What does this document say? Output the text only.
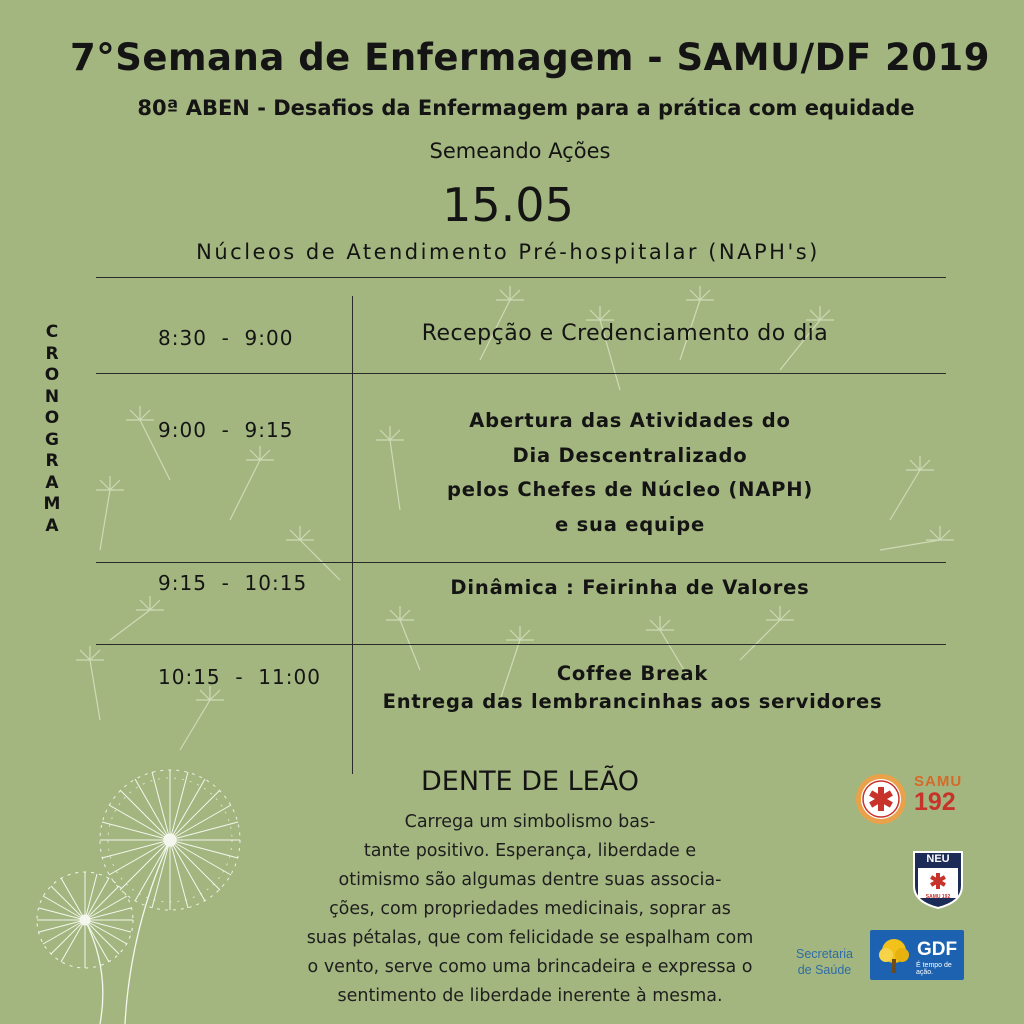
7°Semana de Enfermagem - SAMU/DF 2019
80ª ABEN - Desafios da Enfermagem para a prática com equidade
Semeando Ações
15.05
Núcleos de Atendimento Pré-hospitalar (NAPH's)
C
R
O
N
O
G
R
A
M
A
8:30  -  9:00	Recepção e Credenciamento do dia

9:00  -  9:15	Abertura das Atividades do

Dia Descentralizado

pelos Chefes de Núcleo (NAPH)

e sua equipe

9:15  -  10:15	Dinâmica : Feirinha de Valores

10:15  -  11:00	Coffee Break

Entrega das lembrancinhas aos servidores

DENTE DE LEÃO

Carrega um simbolismo bas-

tante positivo. Esperança, liberdade e

otimismo são algumas dentre suas associa-

ções, com propriedades medicinais, soprar as

suas pétalas, que com felicidade se espalham com

o vento, serve como uma brincadeira e expressa o

sentimento de liberdade inerente à mesma.

SAMU
192
NEU
SAMU 192
Secretaria
de Saúde
GDF
É tempo de ação.
